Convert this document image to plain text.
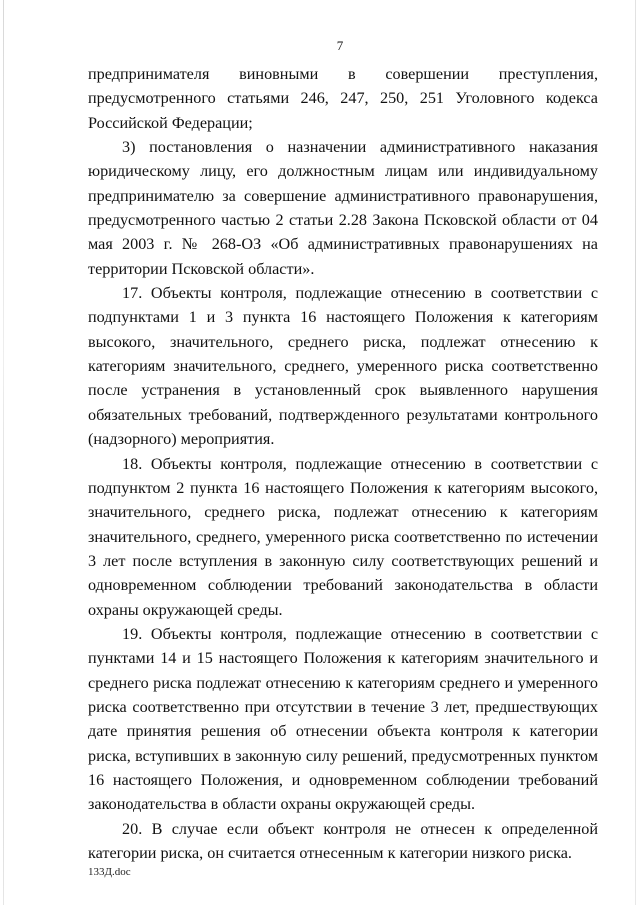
7

предпринимателя виновными в совершении преступления, предусмотренного статьями 246, 247, 250, 251 Уголовного кодекса Российской Федерации;

3) постановления о назначении административного наказания юридическому лицу, его должностным лицам или индивидуальному предпринимателю за совершение административного правонарушения, предусмотренного частью 2 статьи 2.28 Закона Псковской области от 04 мая 2003 г. № 268-ОЗ «Об административных правонарушениях на территории Псковской области».

17. Объекты контроля, подлежащие отнесению в соответствии с подпунктами 1 и 3 пункта 16 настоящего Положения к категориям высокого, значительного, среднего риска, подлежат отнесению к категориям значительного, среднего, умеренного риска соответственно после устранения в установленный срок выявленного нарушения обязательных требований, подтвержденного результатами контрольного (надзорного) мероприятия.

18. Объекты контроля, подлежащие отнесению в соответствии с подпунктом 2 пункта 16 настоящего Положения к категориям высокого, значительного, среднего риска, подлежат отнесению к категориям значительного, среднего, умеренного риска соответственно по истечении 3 лет после вступления в законную силу соответствующих решений и одновременном соблюдении требований законодательства в области охраны окружающей среды.

19. Объекты контроля, подлежащие отнесению в соответствии с пунктами 14 и 15 настоящего Положения к категориям значительного и среднего риска подлежат отнесению к категориям среднего и умеренного риска соответственно при отсутствии в течение 3 лет, предшествующих дате принятия решения об отнесении объекта контроля к категории риска, вступивших в законную силу решений, предусмотренных пунктом 16 настоящего Положения, и одновременном соблюдении требований законодательства в области охраны окружающей среды.

20. В случае если объект контроля не отнесен к определенной категории риска, он считается отнесенным к категории низкого риска.

133Д.doc
